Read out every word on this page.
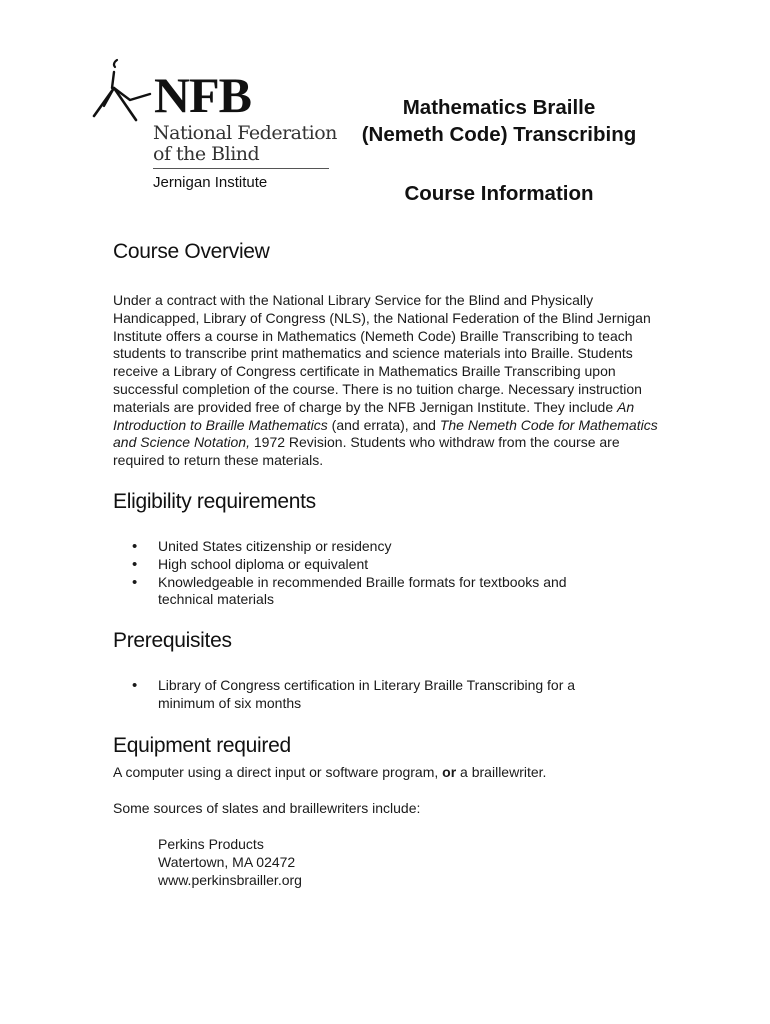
NFB
National Federation
of the Blind
Jernigan Institute
Mathematics Braille
(Nemeth Code) Transcribing
Course Information
Course Overview

Under a contract with the National Library Service for the Blind and Physically Handicapped, Library of Congress (NLS), the National Federation of the Blind Jernigan Institute offers a course in Mathematics (Nemeth Code) Braille Transcribing to teach students to transcribe print mathematics and science materials into Braille. Students receive a Library of Congress certificate in Mathematics Braille Transcribing upon successful completion of the course. There is no tuition charge. Necessary instruction materials are provided free of charge by the NFB Jernigan Institute. They include An Introduction to Braille Mathematics (and errata), and The Nemeth Code for Mathematics and Science Notation, 1972 Revision. Students who withdraw from the course are required to return these materials.

Eligibility requirements
• United States citizenship or residency
• High school diploma or equivalent
• Knowledgeable in recommended Braille formats for textbooks and technical materials
Prerequisites
• Library of Congress certification in Literary Braille Transcribing for a minimum of six months
Equipment required

A computer using a direct input or software program, or a braillewriter.

Some sources of slates and braillewriters include:

Perkins Products
Watertown, MA 02472
www.perkinsbrailler.org
